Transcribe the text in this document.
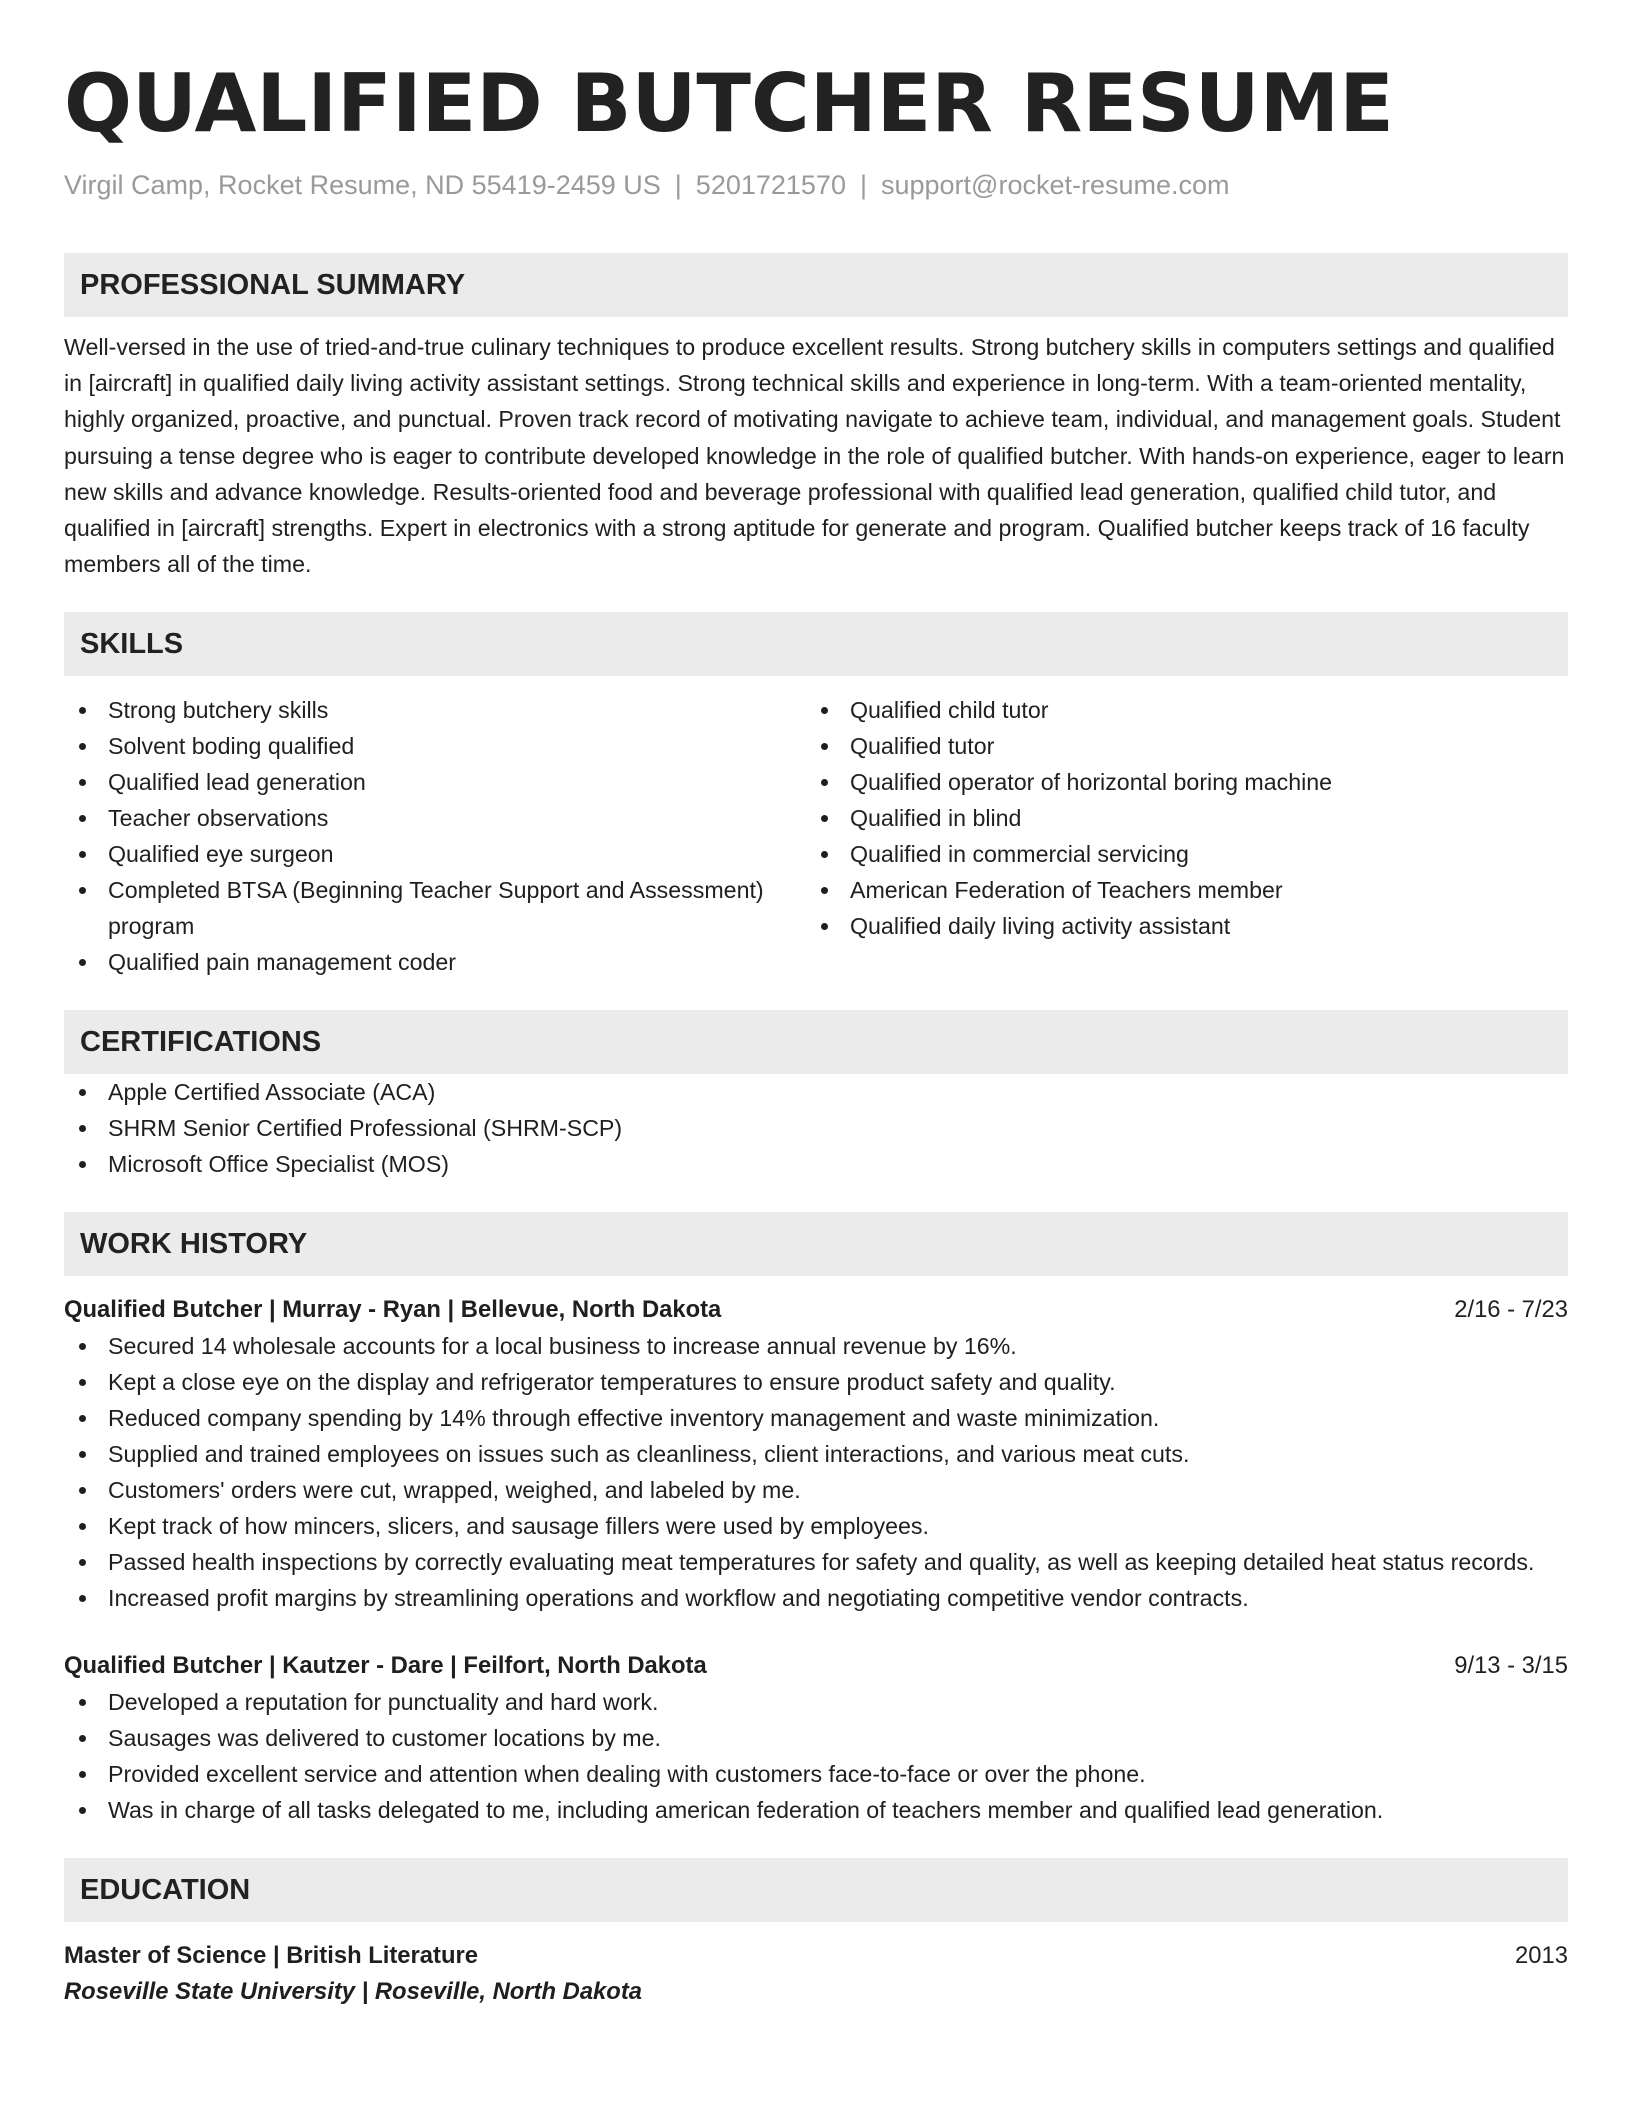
QUALIFIED BUTCHER RESUME
Virgil Camp, Rocket Resume, ND 55419-2459 US | 5201721570 | support@rocket-resume.com
PROFESSIONAL SUMMARY
Well-versed in the use of tried-and-true culinary techniques to produce excellent results. Strong butchery skills in computers settings and qualified in [aircraft] in qualified daily living activity assistant settings. Strong technical skills and experience in long-term. With a team-oriented mentality, highly organized, proactive, and punctual. Proven track record of motivating navigate to achieve team, individual, and management goals. Student pursuing a tense degree who is eager to contribute developed knowledge in the role of qualified butcher. With hands-on experience, eager to learn new skills and advance knowledge. Results-oriented food and beverage professional with qualified lead generation, qualified child tutor, and qualified in [aircraft] strengths. Expert in electronics with a strong aptitude for generate and program. Qualified butcher keeps track of 16 faculty members all of the time.
SKILLS
Strong butchery skills
Solvent boding qualified
Qualified lead generation
Teacher observations
Qualified eye surgeon
Completed BTSA (Beginning Teacher Support and Assessment) program
Qualified pain management coder
Qualified child tutor
Qualified tutor
Qualified operator of horizontal boring machine
Qualified in blind
Qualified in commercial servicing
American Federation of Teachers member
Qualified daily living activity assistant
CERTIFICATIONS
Apple Certified Associate (ACA)
SHRM Senior Certified Professional (SHRM-SCP)
Microsoft Office Specialist (MOS)
WORK HISTORY
Qualified Butcher | Murray - Ryan | Bellevue, North Dakota	2/16 - 7/23
Secured 14 wholesale accounts for a local business to increase annual revenue by 16%.
Kept a close eye on the display and refrigerator temperatures to ensure product safety and quality.
Reduced company spending by 14% through effective inventory management and waste minimization.
Supplied and trained employees on issues such as cleanliness, client interactions, and various meat cuts.
Customers' orders were cut, wrapped, weighed, and labeled by me.
Kept track of how mincers, slicers, and sausage fillers were used by employees.
Passed health inspections by correctly evaluating meat temperatures for safety and quality, as well as keeping detailed heat status records.
Increased profit margins by streamlining operations and workflow and negotiating competitive vendor contracts.
Qualified Butcher | Kautzer - Dare | Feilfort, North Dakota	9/13 - 3/15
Developed a reputation for punctuality and hard work.
Sausages was delivered to customer locations by me.
Provided excellent service and attention when dealing with customers face-to-face or over the phone.
Was in charge of all tasks delegated to me, including american federation of teachers member and qualified lead generation.
EDUCATION
Master of Science | British Literature	2013
Roseville State University | Roseville, North Dakota
